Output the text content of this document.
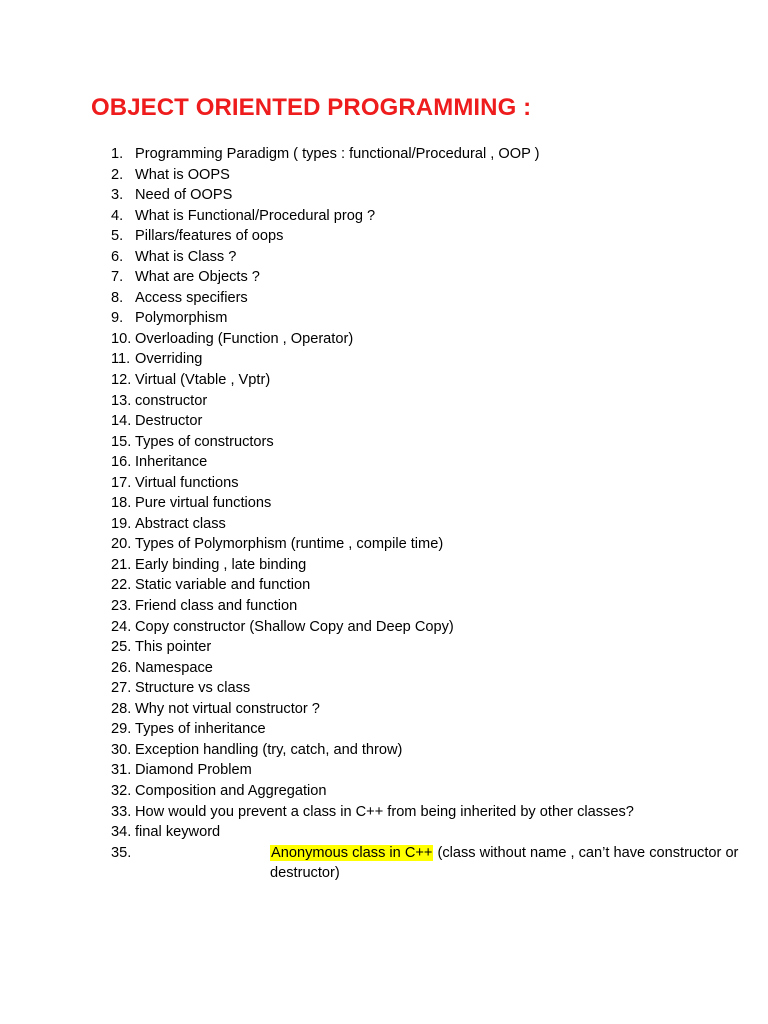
OBJECT ORIENTED PROGRAMMING :
1. Programming Paradigm ( types : functional/Procedural , OOP )
2. What is OOPS
3. Need of OOPS
4. What is Functional/Procedural prog ?
5. Pillars/features of oops
6. What is Class ?
7. What are Objects ?
8. Access specifiers
9. Polymorphism
10. Overloading (Function , Operator)
11. Overriding
12. Virtual (Vtable , Vptr)
13. constructor
14. Destructor
15. Types of constructors
16. Inheritance
17. Virtual functions
18. Pure virtual functions
19. Abstract class
20. Types of Polymorphism (runtime , compile time)
21. Early binding , late binding
22. Static variable and function
23. Friend class and function
24. Copy constructor (Shallow Copy and Deep Copy)
25. This pointer
26. Namespace
27. Structure vs class
28. Why not virtual constructor ?
29. Types of inheritance
30. Exception handling (try, catch, and throw)
31. Diamond Problem
32. Composition and Aggregation
33. How would you prevent a class in C++ from being inherited by other classes?
34. final keyword
35.	Anonymous class in C++ (class without name , can’t have constructor or destructor)
